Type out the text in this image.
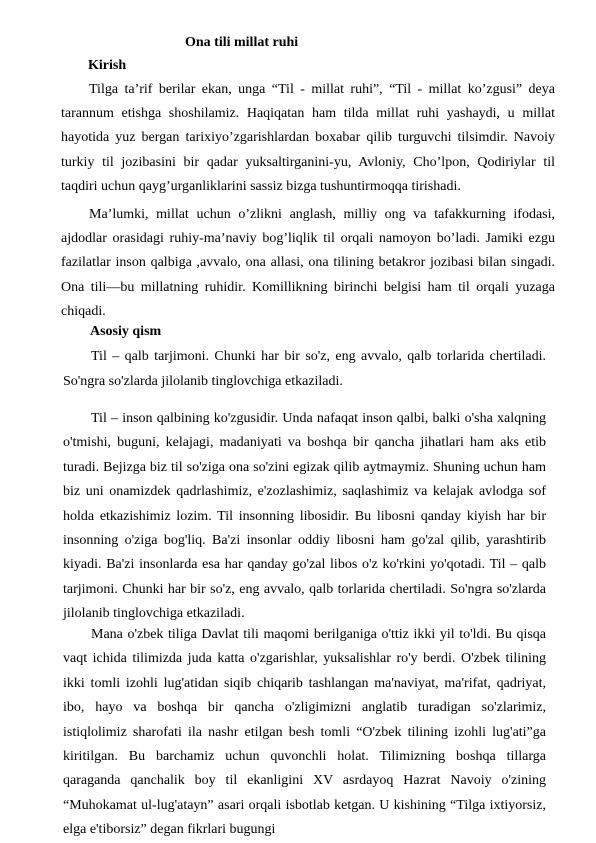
Ona tili millat ruhi
Kirish

Tilga ta’rif berilar ekan, unga “Til - millat ruhi”, “Til - millat ko’zgusi” deya tarannum etishga shoshilamiz. Haqiqatan ham tilda millat ruhi yashaydi, u millat hayotida yuz bergan tarixiyo’zgarishlardan boxabar qilib turguvchi tilsimdir. Navoiy turkiy til jozibasini bir qadar yuksaltirganini-yu, Avloniy, Cho’lpon, Qodiriylar til taqdiri uchun qayg’urganliklarini sassiz bizga tushuntirmoqqa tirishadi.

Ma’lumki, millat uchun o’zlikni anglash, milliy ong va tafakkurning ifodasi, ajdodlar orasidagi ruhiy-ma’naviy bog’liqlik til orqali namoyon bo’ladi. Jamiki ezgu fazilatlar inson qalbiga ,avvalo, ona allasi, ona tilining betakror jozibasi bilan singadi. Ona tili—bu millatning ruhidir. Komillikning birinchi belgisi ham til orqali yuzaga chiqadi.

Asosiy qism

Til – qalb tarjimoni. Chunki har bir so'z, eng avvalo, qalb torlarida chertiladi. So'ngra so'zlarda jilolanib tinglovchiga etkaziladi.

Til – inson qalbining ko'zgusidir. Unda nafaqat inson qalbi, balki o'sha xalqning o'tmishi, buguni, kelajagi, madaniyati va boshqa bir qancha jihatlari ham aks etib turadi. Bejizga biz til so'ziga ona so'zini egizak qilib aytmaymiz. Shuning uchun ham biz uni onamizdek qadrlashimiz, e'zozlashimiz, saqlashimiz va kelajak avlodga sof holda etkazishimiz lozim. Til insonning libosidir. Bu libosni qanday kiyish har bir insonning o'ziga bog'liq. Ba'zi insonlar oddiy libosni ham go'zal qilib, yarashtirib kiyadi. Ba'zi insonlarda esa har qanday go'zal libos o'z ko'rkini yo'qotadi. Til – qalb tarjimoni. Chunki har bir so'z, eng avvalo, qalb torlarida chertiladi. So'ngra so'zlarda jilolanib tinglovchiga etkaziladi.

Mana o'zbek tiliga Davlat tili maqomi berilganiga o'ttiz ikki yil to'ldi. Bu qisqa vaqt ichida tilimizda juda katta o'zgarishlar, yuksalishlar ro'y berdi. O'zbek tilining ikki tomli izohli lug'atidan siqib chiqarib tashlangan ma'naviyat, ma'rifat, qadriyat, ibo, hayo va boshqa bir qancha o'zligimizni anglatib turadigan so'zlarimiz, istiqlolimiz sharofati ila nashr etilgan besh tomli “O'zbek tilining izohli lug'ati”ga kiritilgan. Bu barchamiz uchun quvonchli holat. Tilimizning boshqa tillarga qaraganda qanchalik boy til ekanligini XV asrdayoq Hazrat Navoiy o'zining “Muhokamat ul-lug'atayn” asari orqali isbotlab ketgan. U kishining “Tilga ixtiyorsiz, elga e'tiborsiz” degan fikrlari bugungi
